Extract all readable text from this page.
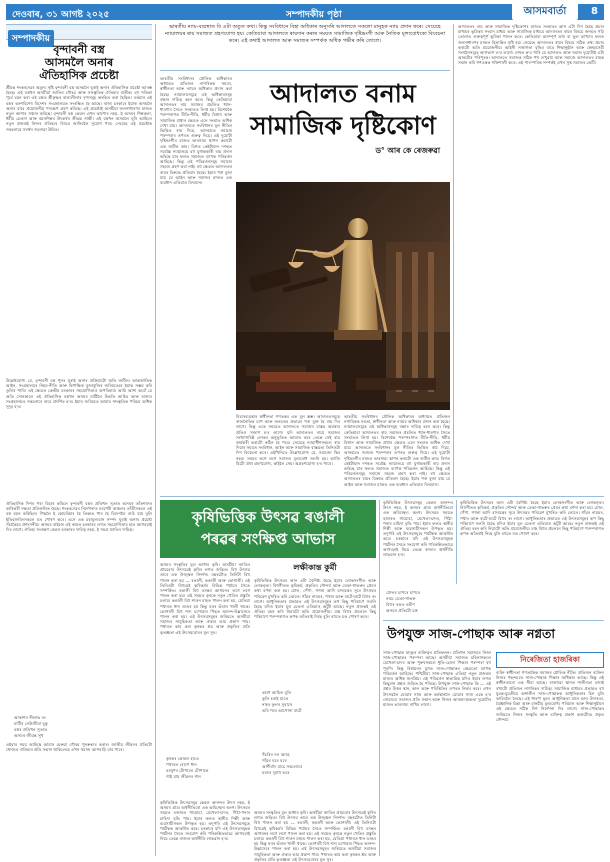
দেওবাৰ, ৩১ আগষ্ট ২০২৫	সম্পাদকীয় পৃষ্ঠা	আসমবাৰ্তা	8
সম্পাদকীয়
বৃন্দাবনী বস্ত্ৰ
আসমলৈ অনাৰ
ঐতিহাসিক প্ৰচেষ্টা
শ্ৰীমন্ত শংকৰদেৱৰ অমূল্য সৃষ্টি বৃন্দাবনী বস্ত্ৰ অসমলৈ ঘূৰাই অনাৰ ঐতিহাসিক প্ৰচেষ্টা আৰম্ভ হৈছে। এই বস্ত্ৰখন অসমীয়া জাতিৰ গৌৰৱ আৰু সাংস্কৃতিক ঐতিহ্যৰ প্ৰতীক। বহু শতিকা পূৰ্বে বয়ন কৰা এই বস্ত্ৰত শ্ৰীকৃষ্ণৰ বাল্যলীলাৰ দৃশ্যসমূহ অংকিত কৰা হৈছিল। বৰ্তমান এই বস্ত্ৰৰ অংশবিশেষ বিদেশৰ সংগ্ৰহালয়ত সংৰক্ষিত হৈ আছে। ৰাজ্য চৰকাৰে ইয়াক অসমলৈ অনাৰ বাবে প্ৰয়োজনীয় পদক্ষেপ গ্ৰহণ কৰিছে। এই প্ৰচেষ্টাই অসমীয়া জনসাধাৰণৰ মাজত নতুন আশাৰ সঞ্চাৰ কৰিছে। বৃন্দাবনী বস্ত্ৰ কেৱল এখন কাপোৰ নহয়, ই অসমৰ শিল্পকলা, ধৰ্মীয় চেতনা আৰু বয়নশিল্পৰ উৎকৰ্ষৰ জীৱন্ত সাক্ষী। এই বস্ত্ৰখন অসমলৈ ঘূৰি আহিলে নতুন প্ৰজন্মই নিজৰ ঐতিহ্যৰ বিষয়ে জানিবলৈ সুযোগ পাব। সেয়েহে এই প্ৰচেষ্টাক সকলোৱে সমৰ্থন জনোৱা উচিত।
উল্লেখযোগ্য যে, বৃন্দাবনী বস্ত্ৰ পুনৰ ঘূৰাই অনাৰ প্ৰক্ৰিয়াটো অতি জটিল। আন্তৰ্জাতিক আইন, সংগ্ৰহালয়ৰ নিয়ম-নীতি আৰু দ্বিপাক্ষিক বুজাবুজিৰ জৰিয়তেহে ইয়াক সম্ভৱ কৰি তুলিব পাৰি। এই ক্ষেত্ৰত কেন্দ্ৰীয় চৰকাৰৰ সহযোগিতাও অপৰিহাৰ্য। আমি আশা কৰোঁ যে অতি সোনকালে এই ঐতিহাসিক বস্ত্ৰখন অসমৰ মাটিলৈ উভতি আহিব আৰু ৰাজ্যৰ সংগ্ৰহালয়ত সকলোৰে বাবে প্ৰদৰ্শিত হ'ব। ইয়াৰ জৰিয়তে আমাৰ সাংস্কৃতিক পৰিচয় অধিক সুদৃঢ় হ'ব।
ঐতিহাসিক দিশৰ পৰা বিচাৰ কৰিলে বৃন্দাবনী বস্ত্ৰৰ প্ৰতিখন সূতাত অসমৰ তাঁতশালৰ কাৰিকৰী দক্ষতা প্ৰতিফলিত হৈছে। শংকৰদেৱৰ নিৰ্দেশনাত বৰপেটা অঞ্চলৰ তাঁতীসকলে এই বস্ত্ৰ বয়ন কৰিছিল। পিছলৈ ই কোচবিহাৰ হৈ তিব্বত পাৰ হৈ বিদেশলৈ গুচি যায় বুলি ইতিহাসবিদসকলে মত পোষণ কৰে। এনে এক মহামূল্যবান সম্পদ ঘূৰাই অনাৰ প্ৰচেষ্টা সঁচাকৈয়ে প্ৰশংসনীয়। অসমৰ ৰাইজে এই কামত চৰকাৰৰ লগত সহযোগিতাৰ হাত আগবঢ়াই দিব লাগে। ঐতিহ্য সংৰক্ষণ কেৱল চৰকাৰৰ দায়িত্ব নহয়, ই সমগ্ৰ জাতিৰ দায়িত্ব।
আকাশৰ নীলাভ ৰং
মাটিৰ সেউজীয়া বুকু
বস্ত্ৰৰ প্ৰতিখন সূতাত
অসমৰ জীৱন্ত সুখ
এইবাৰ সময় আহিছে আমাৰ হেৰুৱা গৌৰৱ পুনৰুদ্ধাৰ কৰাৰ। জাতীয় জীৱনৰ প্ৰতিটো খোজত ঐতিহ্যৰ প্ৰতি সন্মান থাকিলেহে এখন সমাজ আগবাঢ়ি যাব পাৰে।
ভাৰতীয় ন্যায়-ব্যৱস্থাত বি এটা অতুত কথা। কিন্তু সংবিধানে বিহা অধিকাৰ অনুসৰি আদালতে সকলো মানুহক ন্যায় প্ৰদান কৰে। সেয়েহে ন্যায়ালয়ৰ ৰায় সমাজত গ্ৰহণযোগ্য হয়। কেতিয়াবা আদালতে ৰায়দান কৰাৰ সময়ত সামাজিক দৃষ্টিভংগী আৰু নৈতিক মূল্যবোধকো বিবেচনা কৰে। এই কথাই আদালত আৰু সমাজৰ সম্পৰ্কক অধিক গভীৰ কৰি তোলে।
আদালত বনাম
সামাজিক দৃষ্টিকোণ
ড° আৰ কে ৰেজৰুৱা
ভাৰতীয় সংবিধানৰ মৌলিক অধিকাৰৰ অধ্যায়ত প্ৰতিজন নাগৰিকক সমতা, স্বাধীনতা আৰু ন্যায়ৰ অধিকাৰ প্ৰদান কৰা হৈছে। ন্যায়ালয়সমূহে এই অধিকাৰসমূহ ৰক্ষাৰ দায়িত্ব বহন কৰে। কিন্তু কেতিয়াবা আদালতৰ ৰায় সমাজৰ প্ৰচলিত ধ্যান-ধাৰণাৰ সৈতে সংঘাতত লিপ্ত হয়। বিশেষকৈ পৰম্পৰাগত ৰীতি-নীতি, ধৰ্মীয় বিশ্বাস আৰু সামাজিক প্ৰথাৰ ক্ষেত্ৰত এনে সংঘাত অধিক দেখা যায়। আদালতে সংবিধানৰ মূল নীতিৰ ভিত্তিত ৰায় দিয়ে, আনহাতে সমাজে পৰম্পৰাৰ ওপৰত গুৰুত্ব দিয়ে। এই দুয়োটা দৃষ্টিভংগীৰ মাজত ভাৰসাম্য স্থাপন কৰাটো এক জটিল কাম। বিগত কেইটামান দশকত সৰ্বোচ্চ ন্যায়ালয়ে বহু যুগান্তকাৰী ৰায় প্ৰদান কৰিছে যাৰ ফলত সমাজত ব্যাপক পৰিৱৰ্তন আহিছে। কিন্তু এই পৰিৱৰ্তনসমূহ সমাজে সহজে গ্ৰহণ কৰা নাই। বহু ক্ষেত্ৰত আদালতৰ ৰায়ৰ বিৰুদ্ধে প্ৰতিবাদ হৈছে। ইয়াৰ পৰা বুজা যায় যে আইন আৰু সমাজৰ মাজত এক ব্যৱধান এতিয়াও বিদ্যমান।
বিচাৰব্যৱস্থাৰ স্বাধীনতা গণতন্ত্ৰৰ এক মূল স্তম্ভ। আদালতসমূহে ৰাজনৈতিক চাপ আৰু জনমতৰ প্ৰভাৱৰ পৰা মুক্ত হৈ ৰায় দিব লাগে। কিন্তু একে সময়তে আদালতে সমাজৰ বাস্তৱ অৱস্থাৰ প্ৰতিও সজাগ হ'ব লাগে। যদি আদালতৰ ৰায়ে সমাজৰ সংখ্যাগৰিষ্ঠ লোকৰ অনুভূতিত আঘাত কৰে তেন্তে সেই ৰায় কাৰ্যকৰী কৰাটো কঠিন হৈ পৰে। সেয়েহে ন্যায়াধীশসকলে ৰায় দিয়াৰ সময়ত সংবিধান, আইন আৰু সামাজিক বাস্তৱতা তিনিওটা দিশ বিবেচনা কৰে। এইখিনিতে উল্লেখযোগ্য যে, সমাজো স্থিৰ নহয়। সময়ৰ লগে লগে সমাজৰ মূল্যবোধ সলনি হয়। আজি যিটো প্ৰথা গ্ৰহণযোগ্য, কাইলৈ সেয়া অগ্ৰহণযোগ্য হ'ব পাৰে।
ভাৰতীয় সংবিধানৰ মৌলিক অধিকাৰৰ অধ্যায়ত প্ৰতিজন নাগৰিকক সমতা, স্বাধীনতা আৰু ন্যায়ৰ অধিকাৰ প্ৰদান কৰা হৈছে। ন্যায়ালয়সমূহে এই অধিকাৰসমূহ ৰক্ষাৰ দায়িত্ব বহন কৰে। কিন্তু কেতিয়াবা আদালতৰ ৰায় সমাজৰ প্ৰচলিত ধ্যান-ধাৰণাৰ সৈতে সংঘাতত লিপ্ত হয়। বিশেষকৈ পৰম্পৰাগত ৰীতি-নীতি, ধৰ্মীয় বিশ্বাস আৰু সামাজিক প্ৰথাৰ ক্ষেত্ৰত এনে সংঘাত অধিক দেখা যায়। আদালতে সংবিধানৰ মূল নীতিৰ ভিত্তিত ৰায় দিয়ে, আনহাতে সমাজে পৰম্পৰাৰ ওপৰত গুৰুত্ব দিয়ে। এই দুয়োটা দৃষ্টিভংগীৰ মাজত ভাৰসাম্য স্থাপন কৰাটো এক জটিল কাম। বিগত কেইটামান দশকত সৰ্বোচ্চ ন্যায়ালয়ে বহু যুগান্তকাৰী ৰায় প্ৰদান কৰিছে যাৰ ফলত সমাজত ব্যাপক পৰিৱৰ্তন আহিছে। কিন্তু এই পৰিৱৰ্তনসমূহ সমাজে সহজে গ্ৰহণ কৰা নাই। বহু ক্ষেত্ৰত আদালতৰ ৰায়ৰ বিৰুদ্ধে প্ৰতিবাদ হৈছে। ইয়াৰ পৰা বুজা যায় যে আইন আৰু সমাজৰ মাজত এক ব্যৱধান এতিয়াও বিদ্যমান।
আদালতৰ ৰায় আৰু সামাজিক দৃষ্টিকোণৰ মাজত সংঘাতৰ আন এটা দিশ হৈছে প্ৰচাৰ মাধ্যমৰ ভূমিকা। সংবাদ মাধ্যম আৰু সামাজিক মাধ্যমে আদালতৰ ৰায়ৰ বিষয়ে জনমত গঢ়ি তোলাত গুৰুত্বপূৰ্ণ ভূমিকা পালন কৰে। কেতিয়াবা অসম্পূৰ্ণ তথ্য বা ভুল ব্যাখ্যাৰ ফলত জনসাধাৰণৰ মাজত বিভ্ৰান্তিৰ সৃষ্টি হয়। সেয়েহে আদালতৰ ৰায়ৰ বিষয়ে সঠিক তথ্য প্ৰচাৰ কৰাটো অতি প্ৰয়োজনীয়। আইনী সজাগতা বৃদ্ধিৰ বাবে শিক্ষানুষ্ঠান আৰু স্বেচ্ছাসেৱী সংগঠনসমূহে আগভাগ ল'ব লাগে। শেষত ক'ব পাৰি যে আদালত আৰু সমাজ দুয়োটাই এটা আনটোৰ পৰিপূৰক। আদালতে সমাজক সঠিক পথ দেখুৱায় আৰু সমাজে আদালতৰ ৰায়ক সন্মান কৰি গণতন্ত্ৰক শক্তিশালী কৰে। এই পাৰস্পৰিক সম্পৰ্কই এখন সুস্থ সমাজৰ ভেটি।
কৃষিভিত্তিক উৎসৱ ৰঙালী
পৰৱৰ সংক্ষিপ্ত আভাস
অসমৰ সংস্কৃতিৰ মূল আধাৰ কৃষি। অসমীয়া জাতিৰ প্ৰায়বোৰ উৎসৱেই কৃষিৰ লগত জড়িত। বিহু উৎসৱ তাৰে এক উজ্জ্বল নিদৰ্শন। বছৰটোত তিনিটা বিহু পালন কৰা হয় — ৰঙালী, কঙালী আৰু ভোগালী। এই তিনিওটা বিহুৱেই কৃষিকৰ্মৰ বিভিন্ন পৰ্যায়ৰ সৈতে সম্পৰ্কিত। ৰঙালী বিহু বসন্তৰ আগমনৰ লগে লগে পালন কৰা হয়। এই সময়ত কৃষকে নতুন খেতিৰ প্ৰস্তুতি চলায়। কঙালী বিহু শাওন মাহত পালন কৰা হয়, যেতিয়া পথাৰত ধান ডাঙৰ হয় কিন্তু ঘৰৰ ভঁৰাল খালী থাকে। ভোগালী বিহু শস্য চপোৱাৰ পিছত আনন্দ-উল্লাসেৰে পালন কৰা হয়। এই উৎসৱসমূহৰ জৰিয়তে অসমীয়া সমাজৰ সামূহিকতা আৰু ঐক্যৰ ভাৱ প্ৰকাশ পায়। পথাৰত কাম কৰা কৃষকৰ শ্ৰম আৰু প্ৰকৃতিৰ প্ৰতি কৃতজ্ঞতা এই উৎসৱবোৰৰ মূল সুৰ।
কৃষকৰ কোমল হাতে
পথাৰত ৰোপে ধান
বৰষুণৰ টোপালে টোপালে
গাই যায় জীৱনৰ গান
কৃষিভিত্তিক উৎসৱসমূহ কেৱল আনন্দৰ উৎস নহয়, ই অসমৰ গ্ৰাম্য অৰ্থনীতিৰো এক অবিচ্ছেদ্য অংগ। উৎসৱৰ সময়ত বজাৰত গামোচা, মেখেলা-চাদৰ, পিঠা-পনাৰ চাহিদা বৃদ্ধি পায়। ইয়াৰ ফলত স্থানীয় শিল্পী আৰু ব্যৱসায়ীসকল উপকৃত হয়। তদুপৰি এই উৎসৱসমূহে পৰ্যটকক আকৰ্ষিত কৰে। চৰকাৰে যদি এই উৎসৱসমূহক পৰ্যটনৰ সৈতে সংযোগ কৰি পৰিকল্পিতভাৱে আগবঢ়াই নিয়ে তেন্তে ৰাজ্যৰ অৰ্থনীতি লাভৱান হ'ব।
লক্ষীকান্ত কুৰ্মী
কৃষিভিত্তিক উৎসৱৰ আন এটা বৈশিষ্ট্য হৈছে ইয়াৰ লোকসংগীত আৰু লোকনৃত্য। বিহুগীতত কৃষিকৰ্ম, প্ৰকৃতিৰ সৌন্দৰ্য আৰু ডেকা-গাভৰুৰ প্ৰেমৰ কথা বৰ্ণনা কৰা হয়। ঢোল, পেঁপা, গগনা আদি বাদ্যযন্ত্ৰৰ সুৰে উৎসৱৰ পৰিৱেশ মুখৰিত কৰি তোলে। গাঁৱৰ নামঘৰ, পথাৰ আৰু বাটে-ঘাটে বিহুৰ ৰং লাগে। আধুনিকতাৰ প্ৰভাৱত এই উৎসৱসমূহৰ ৰূপ কিছু পৰিমাণে সলনি হৈছে যদিও ইয়াৰ মূল চেতনা এতিয়াও অটুট আছে। নতুন প্ৰজন্মই এই ঐতিহ্য বহন কৰি নিয়াটো অতি প্ৰয়োজনীয়। মঞ্চ বিহুৰ প্ৰচলনে কিছু পৰিমাণে পৰম্পৰাগত ৰূপক আঁতৰাই নিছে বুলি বহুতে মত পোষণ কৰে।
বহাগ আহিল বুলি
কুলি চৰাই মাতে
নাহৰ ফুলৰ সুবাসে
ভৰি পৰে আপোনা বাটে
হুঁচৰিৰ দল আহে
গাঁৱৰ ঘৰে ঘৰে
আশীৰ্বাদ যাচে সকলোৰে
মৰমৰ দুবাহু ভৰে
অসমৰ সংস্কৃতিৰ মূল আধাৰ কৃষি। অসমীয়া জাতিৰ প্ৰায়বোৰ উৎসৱেই কৃষিৰ লগত জড়িত। বিহু উৎসৱ তাৰে এক উজ্জ্বল নিদৰ্শন। বছৰটোত তিনিটা বিহু পালন কৰা হয় — ৰঙালী, কঙালী আৰু ভোগালী। এই তিনিওটা বিহুৱেই কৃষিকৰ্মৰ বিভিন্ন পৰ্যায়ৰ সৈতে সম্পৰ্কিত। ৰঙালী বিহু বসন্তৰ আগমনৰ লগে লগে পালন কৰা হয়। এই সময়ত কৃষকে নতুন খেতিৰ প্ৰস্তুতি চলায়। কঙালী বিহু শাওন মাহত পালন কৰা হয়, যেতিয়া পথাৰত ধান ডাঙৰ হয় কিন্তু ঘৰৰ ভঁৰাল খালী থাকে। ভোগালী বিহু শস্য চপোৱাৰ পিছত আনন্দ-উল্লাসেৰে পালন কৰা হয়। এই উৎসৱসমূহৰ জৰিয়তে অসমীয়া সমাজৰ সামূহিকতা আৰু ঐক্যৰ ভাৱ প্ৰকাশ পায়। পথাৰত কাম কৰা কৃষকৰ শ্ৰম আৰু প্ৰকৃতিৰ প্ৰতি কৃতজ্ঞতা এই উৎসৱবোৰৰ মূল সুৰ।
কৃষিভিত্তিক উৎসৱসমূহ কেৱল আনন্দৰ উৎস নহয়, ই অসমৰ গ্ৰাম্য অৰ্থনীতিৰো এক অবিচ্ছেদ্য অংগ। উৎসৱৰ সময়ত বজাৰত গামোচা, মেখেলা-চাদৰ, পিঠা-পনাৰ চাহিদা বৃদ্ধি পায়। ইয়াৰ ফলত স্থানীয় শিল্পী আৰু ব্যৱসায়ীসকল উপকৃত হয়। তদুপৰি এই উৎসৱসমূহে পৰ্যটকক আকৰ্ষিত কৰে। চৰকাৰে যদি এই উৎসৱসমূহক পৰ্যটনৰ সৈতে সংযোগ কৰি পৰিকল্পিতভাৱে আগবঢ়াই নিয়ে তেন্তে ৰাজ্যৰ অৰ্থনীতি লাভৱান হ'ব।
ঢোলৰ চাপৰে চাপৰে
নাচে ডেকা-গাভৰু
বিহুৰ ৰঙত ৰঙীণ
অসমৰ প্ৰতিটো চৰু
কৃষিভিত্তিক উৎসৱৰ আন এটা বৈশিষ্ট্য হৈছে ইয়াৰ লোকসংগীত আৰু লোকনৃত্য। বিহুগীতত কৃষিকৰ্ম, প্ৰকৃতিৰ সৌন্দৰ্য আৰু ডেকা-গাভৰুৰ প্ৰেমৰ কথা বৰ্ণনা কৰা হয়। ঢোল, পেঁপা, গগনা আদি বাদ্যযন্ত্ৰৰ সুৰে উৎসৱৰ পৰিৱেশ মুখৰিত কৰি তোলে। গাঁৱৰ নামঘৰ, পথাৰ আৰু বাটে-ঘাটে বিহুৰ ৰং লাগে। আধুনিকতাৰ প্ৰভাৱত এই উৎসৱসমূহৰ ৰূপ কিছু পৰিমাণে সলনি হৈছে যদিও ইয়াৰ মূল চেতনা এতিয়াও অটুট আছে। নতুন প্ৰজন্মই এই ঐতিহ্য বহন কৰি নিয়াটো অতি প্ৰয়োজনীয়। মঞ্চ বিহুৰ প্ৰচলনে কিছু পৰিমাণে পৰম্পৰাগত ৰূপক আঁতৰাই নিছে বুলি বহুতে মত পোষণ কৰে।
উপযুক্ত সাজ-পোছাক আৰু নগ্নতা
সাজ-পোছাক মানুহৰ ব্যক্তিত্বৰ প্ৰতিফলন। প্ৰতিখন সমাজৰে নিজা সাজ-পোছাকৰ পৰম্পৰা আছে। অসমীয়া সমাজত মহিলাসকলে মেখেলা-চাদৰ আৰু পুৰুষসকলে ধুতি-চোলা পিন্ধাৰ পৰম্পৰা বহু পুৰণি। কিন্তু বিশ্বায়নৰ যুগত সাজ-পোছাকৰ ক্ষেত্ৰতো ব্যাপক পৰিৱৰ্তন আহিছে। পশ্চিমীয়া সাজ-পোছাক এতিয়া নতুন প্ৰজন্মৰ মাজত অধিক জনপ্ৰিয়। এই পৰিৱৰ্তন স্বাভাৱিক যদিও ইয়াৰ লগত কিছুমান প্ৰশ্নও জড়িত হৈ পৰিছে। উপযুক্ত সাজ-পোছাক কি — এই প্ৰশ্নৰ উত্তৰ স্থান, কাল আৰু পৰিস্থিতিৰ ওপৰত নিৰ্ভৰ কৰে। এখন উৎসৱলৈ যোৱাৰ সাজ আৰু কৰ্মস্থানলৈ যোৱাৰ সাজ একে হ'ব নোৱাৰে। সমাজৰ প্ৰতি সন্মান আৰু নিজৰ আৰামদায়কতা দুয়োটাৰ মাজত ভাৰসাম্য ৰাখিব লাগে।
নিৰেজিতা হাজৰিকা
ব্যক্তি স্বাধীনতা গণতান্ত্ৰিক সমাজৰ মৌলিক নীতি। প্ৰতিজন ব্যক্তিৰ নিজৰ পছন্দমতে সাজ-পোছাক পিন্ধাৰ অধিকাৰ আছে। কিন্তু এই স্বাধীনতাৰো এক সীমা আছে। ৰাজহুৱা স্থানত শালীনতা বজাই ৰখাটো প্ৰতিজন নাগৰিকৰ দায়িত্ব। সামাজিক মাধ্যমৰ প্ৰভাৱত বহু যুৱক-যুৱতীয়ে অশালীন সাজ-পোছাকক আধুনিকতাৰ চিন বুলি ভাবিবলৈ লৈছে। এই ধাৰণা ভুল। আধুনিকতা মানে মনৰ উদাৰতা, বৈজ্ঞানিক চিন্তা আৰু মানৱীয় মূল্যবোধ। পৰিয়াল আৰু শিক্ষানুষ্ঠানে এই ক্ষেত্ৰত সঠিক দিশ নিৰ্দেশনা দিব লাগে। সাজ-পোছাকৰ জৰিয়তে নিজৰ সংস্কৃতি আৰু ব্যক্তিত্ব প্ৰকাশ কৰাটোহে প্ৰকৃত সৌন্দৰ্য।
